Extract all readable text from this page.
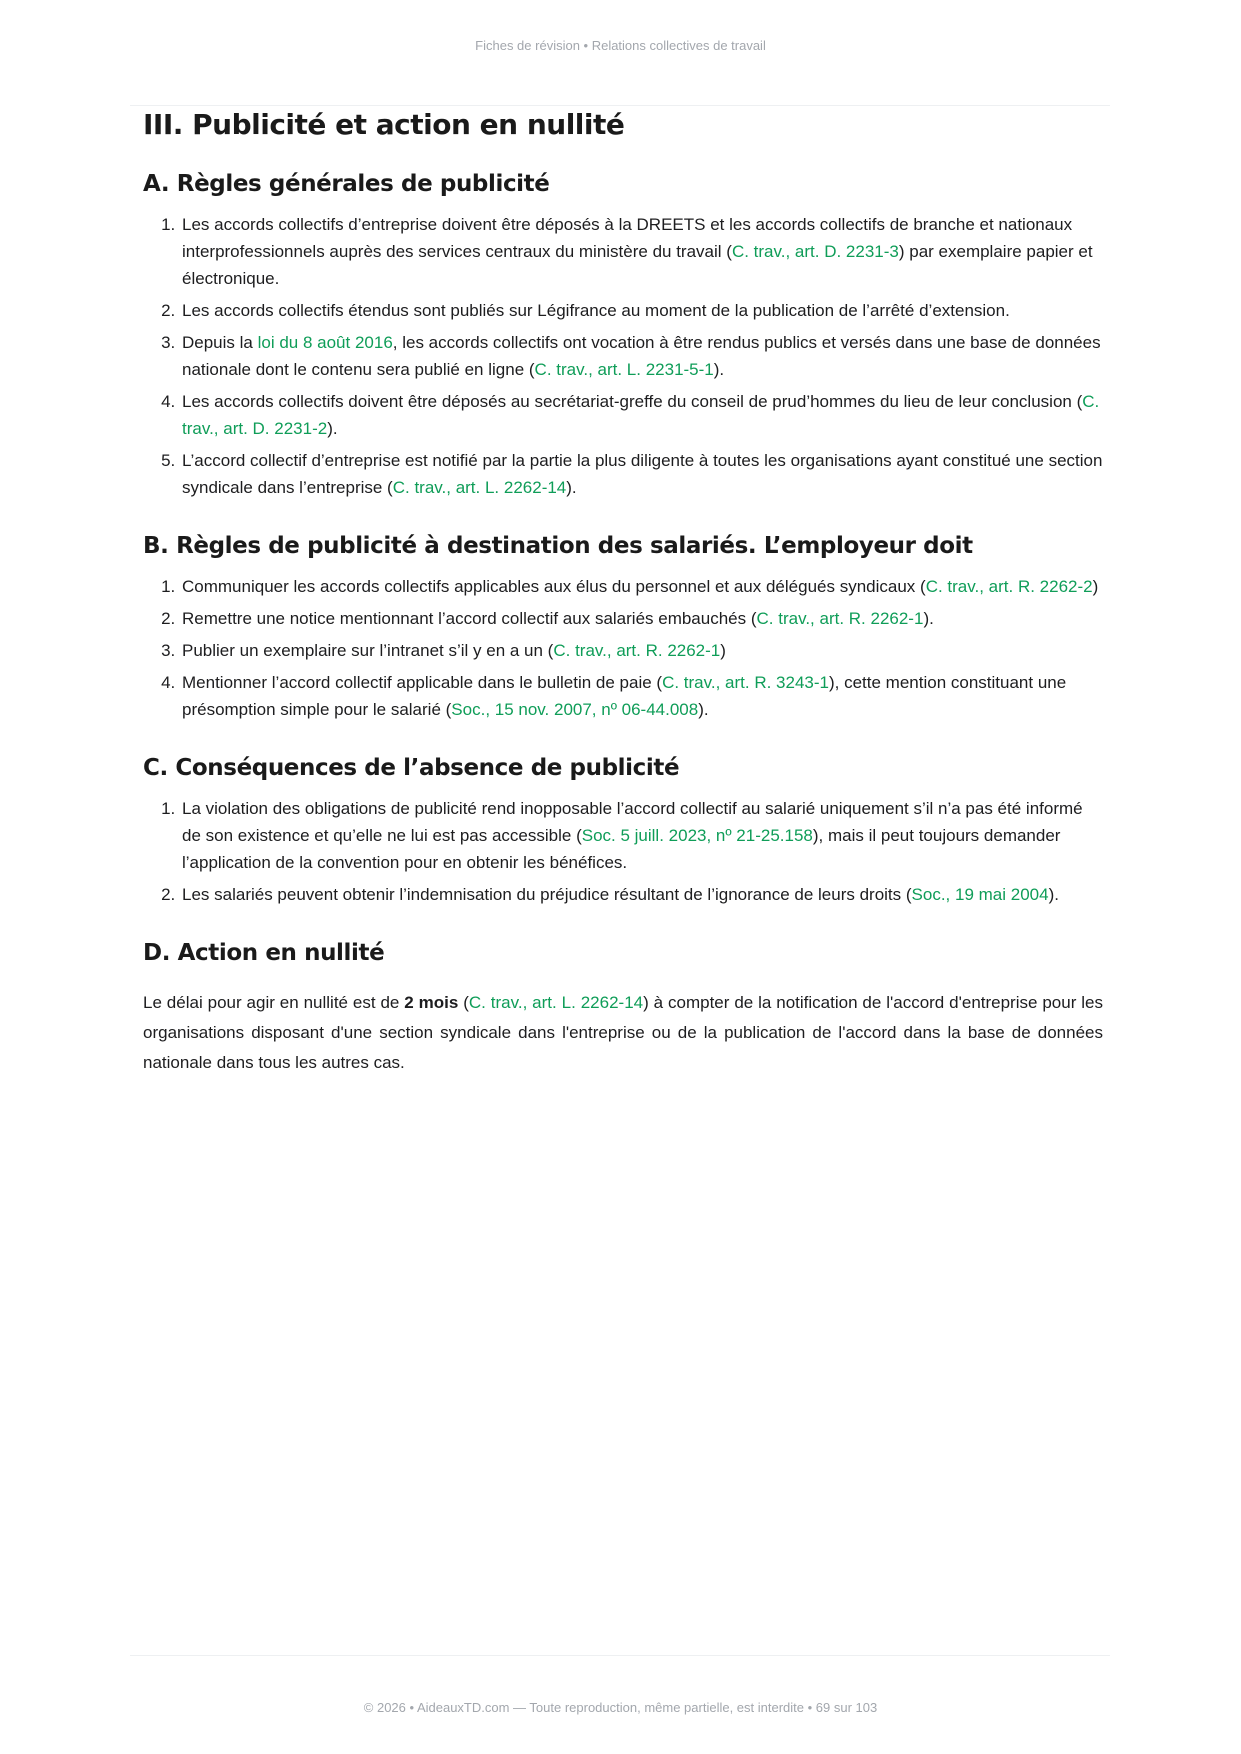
Fiches de révision • Relations collectives de travail
III. Publicité et action en nullité
A. Règles générales de publicité
1. Les accords collectifs d’entreprise doivent être déposés à la DREETS et les accords collectifs de branche et nationaux interprofessionnels auprès des services centraux du ministère du travail (C. trav., art. D. 2231-3) par exemplaire papier et électronique.
2. Les accords collectifs étendus sont publiés sur Légifrance au moment de la publication de l’arrêté d’extension.
3. Depuis la loi du 8 août 2016, les accords collectifs ont vocation à être rendus publics et versés dans une base de données nationale dont le contenu sera publié en ligne (C. trav., art. L. 2231-5-1).
4. Les accords collectifs doivent être déposés au secrétariat-greffe du conseil de prud’hommes du lieu de leur conclusion (C. trav., art. D. 2231-2).
5. L’accord collectif d’entreprise est notifié par la partie la plus diligente à toutes les organisations ayant constitué une section syndicale dans l’entreprise (C. trav., art. L. 2262-14).
B. Règles de publicité à destination des salariés. L’employeur doit
1. Communiquer les accords collectifs applicables aux élus du personnel et aux délégués syndicaux (C. trav., art. R. 2262-2)
2. Remettre une notice mentionnant l’accord collectif aux salariés embauchés (C. trav., art. R. 2262-1).
3. Publier un exemplaire sur l’intranet s’il y en a un (C. trav., art. R. 2262-1)
4. Mentionner l’accord collectif applicable dans le bulletin de paie (C. trav., art. R. 3243-1), cette mention constituant une présomption simple pour le salarié (Soc., 15 nov. 2007, nº 06-44.008).
C. Conséquences de l’absence de publicité
1. La violation des obligations de publicité rend inopposable l’accord collectif au salarié uniquement s’il n’a pas été informé de son existence et qu’elle ne lui est pas accessible (Soc. 5 juill. 2023, nº 21-25.158), mais il peut toujours demander l’application de la convention pour en obtenir les bénéfices.
2. Les salariés peuvent obtenir l’indemnisation du préjudice résultant de l’ignorance de leurs droits (Soc., 19 mai 2004).
D. Action en nullité

Le délai pour agir en nullité est de 2 mois (C. trav., art. L. 2262-14) à compter de la notification de l'accord d'entreprise pour les organisations disposant d'une section syndicale dans l'entreprise ou de la publication de l'accord dans la base de données nationale dans tous les autres cas.

© 2026 • AideauxTD.com — Toute reproduction, même partielle, est interdite • 69 sur 103
